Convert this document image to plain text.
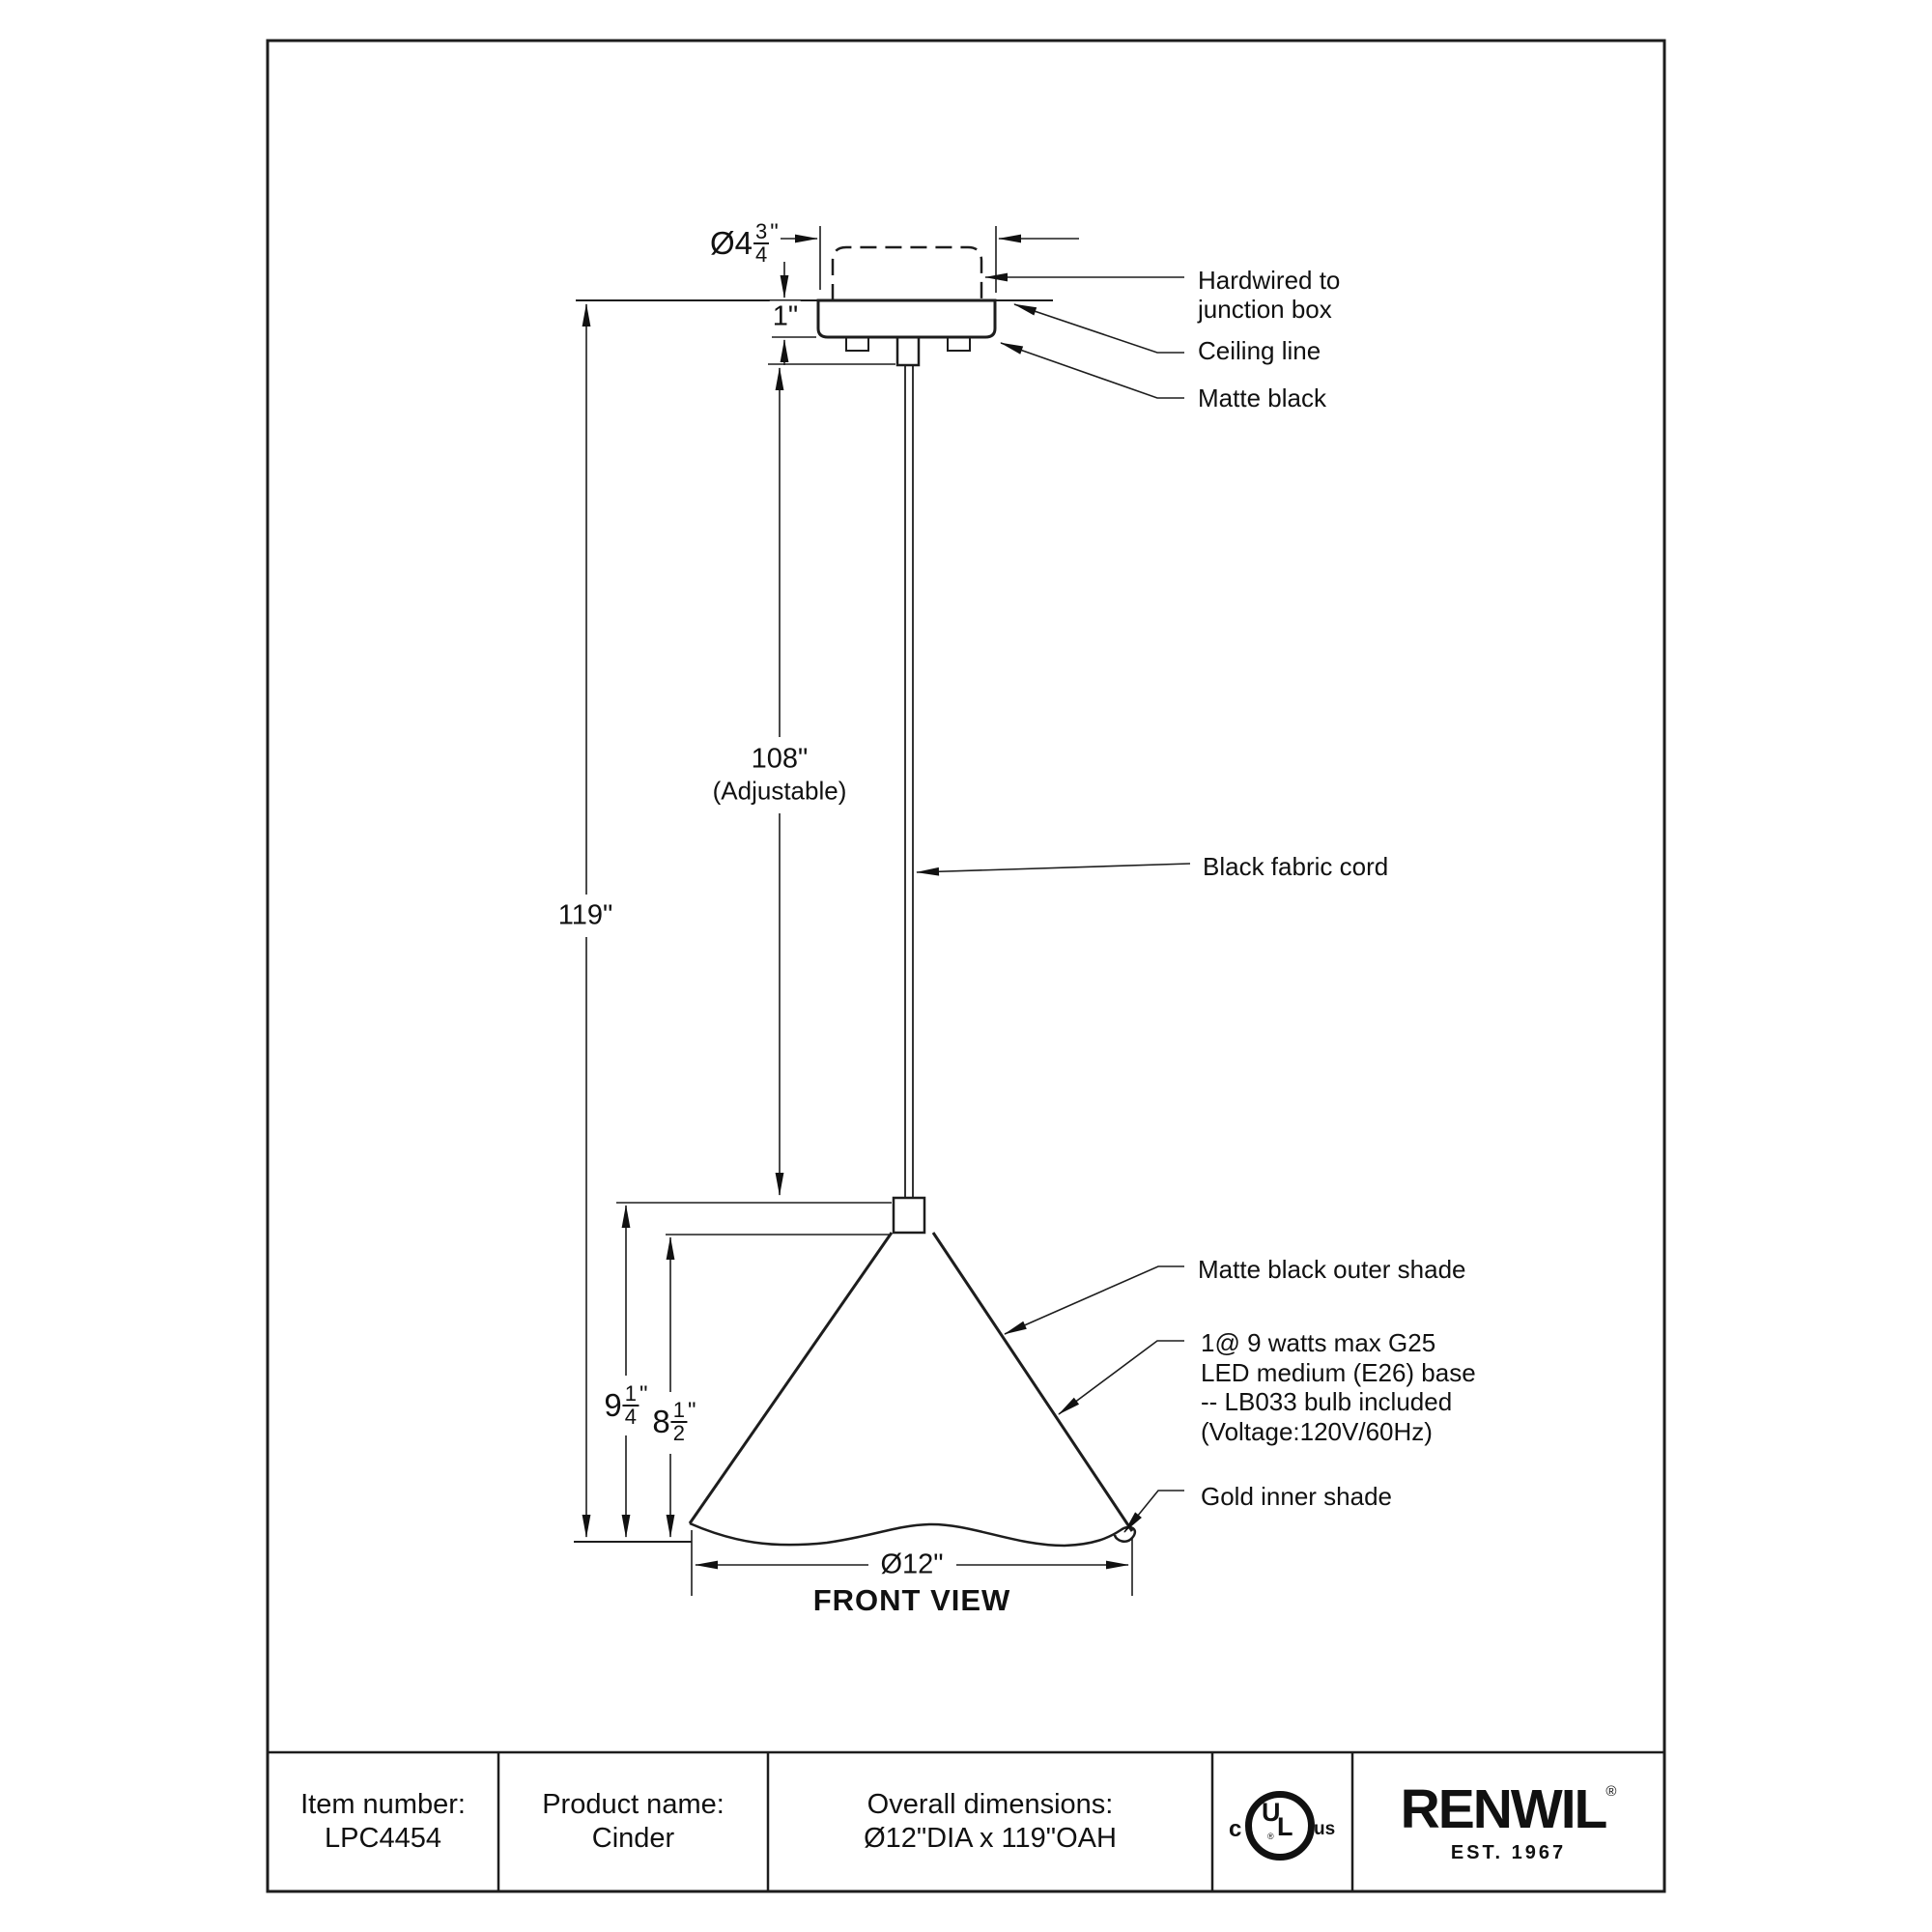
Ø4 $\frac{3}{4}$ "
1"
108"
(Adjustable)
119"
$9 \frac{1}{4}$ "
$8 \frac{1}{2}$ "
Ø12"
FRONT VIEW
Hardwired to
junction box
Ceiling line
Matte black
Black fabric cord
Matte black outer shade
1@ 9 watts max G25
LED medium (E26) base
-- LB033 bulb included
(Voltage:120V/60Hz)
Gold inner shade
Item number:
LPC4454
Product name:
Cinder
Overall dimensions:
Ø12"DIA x 119"OAH
U
L
®
c	us RENWIL ®
EST. 1967
